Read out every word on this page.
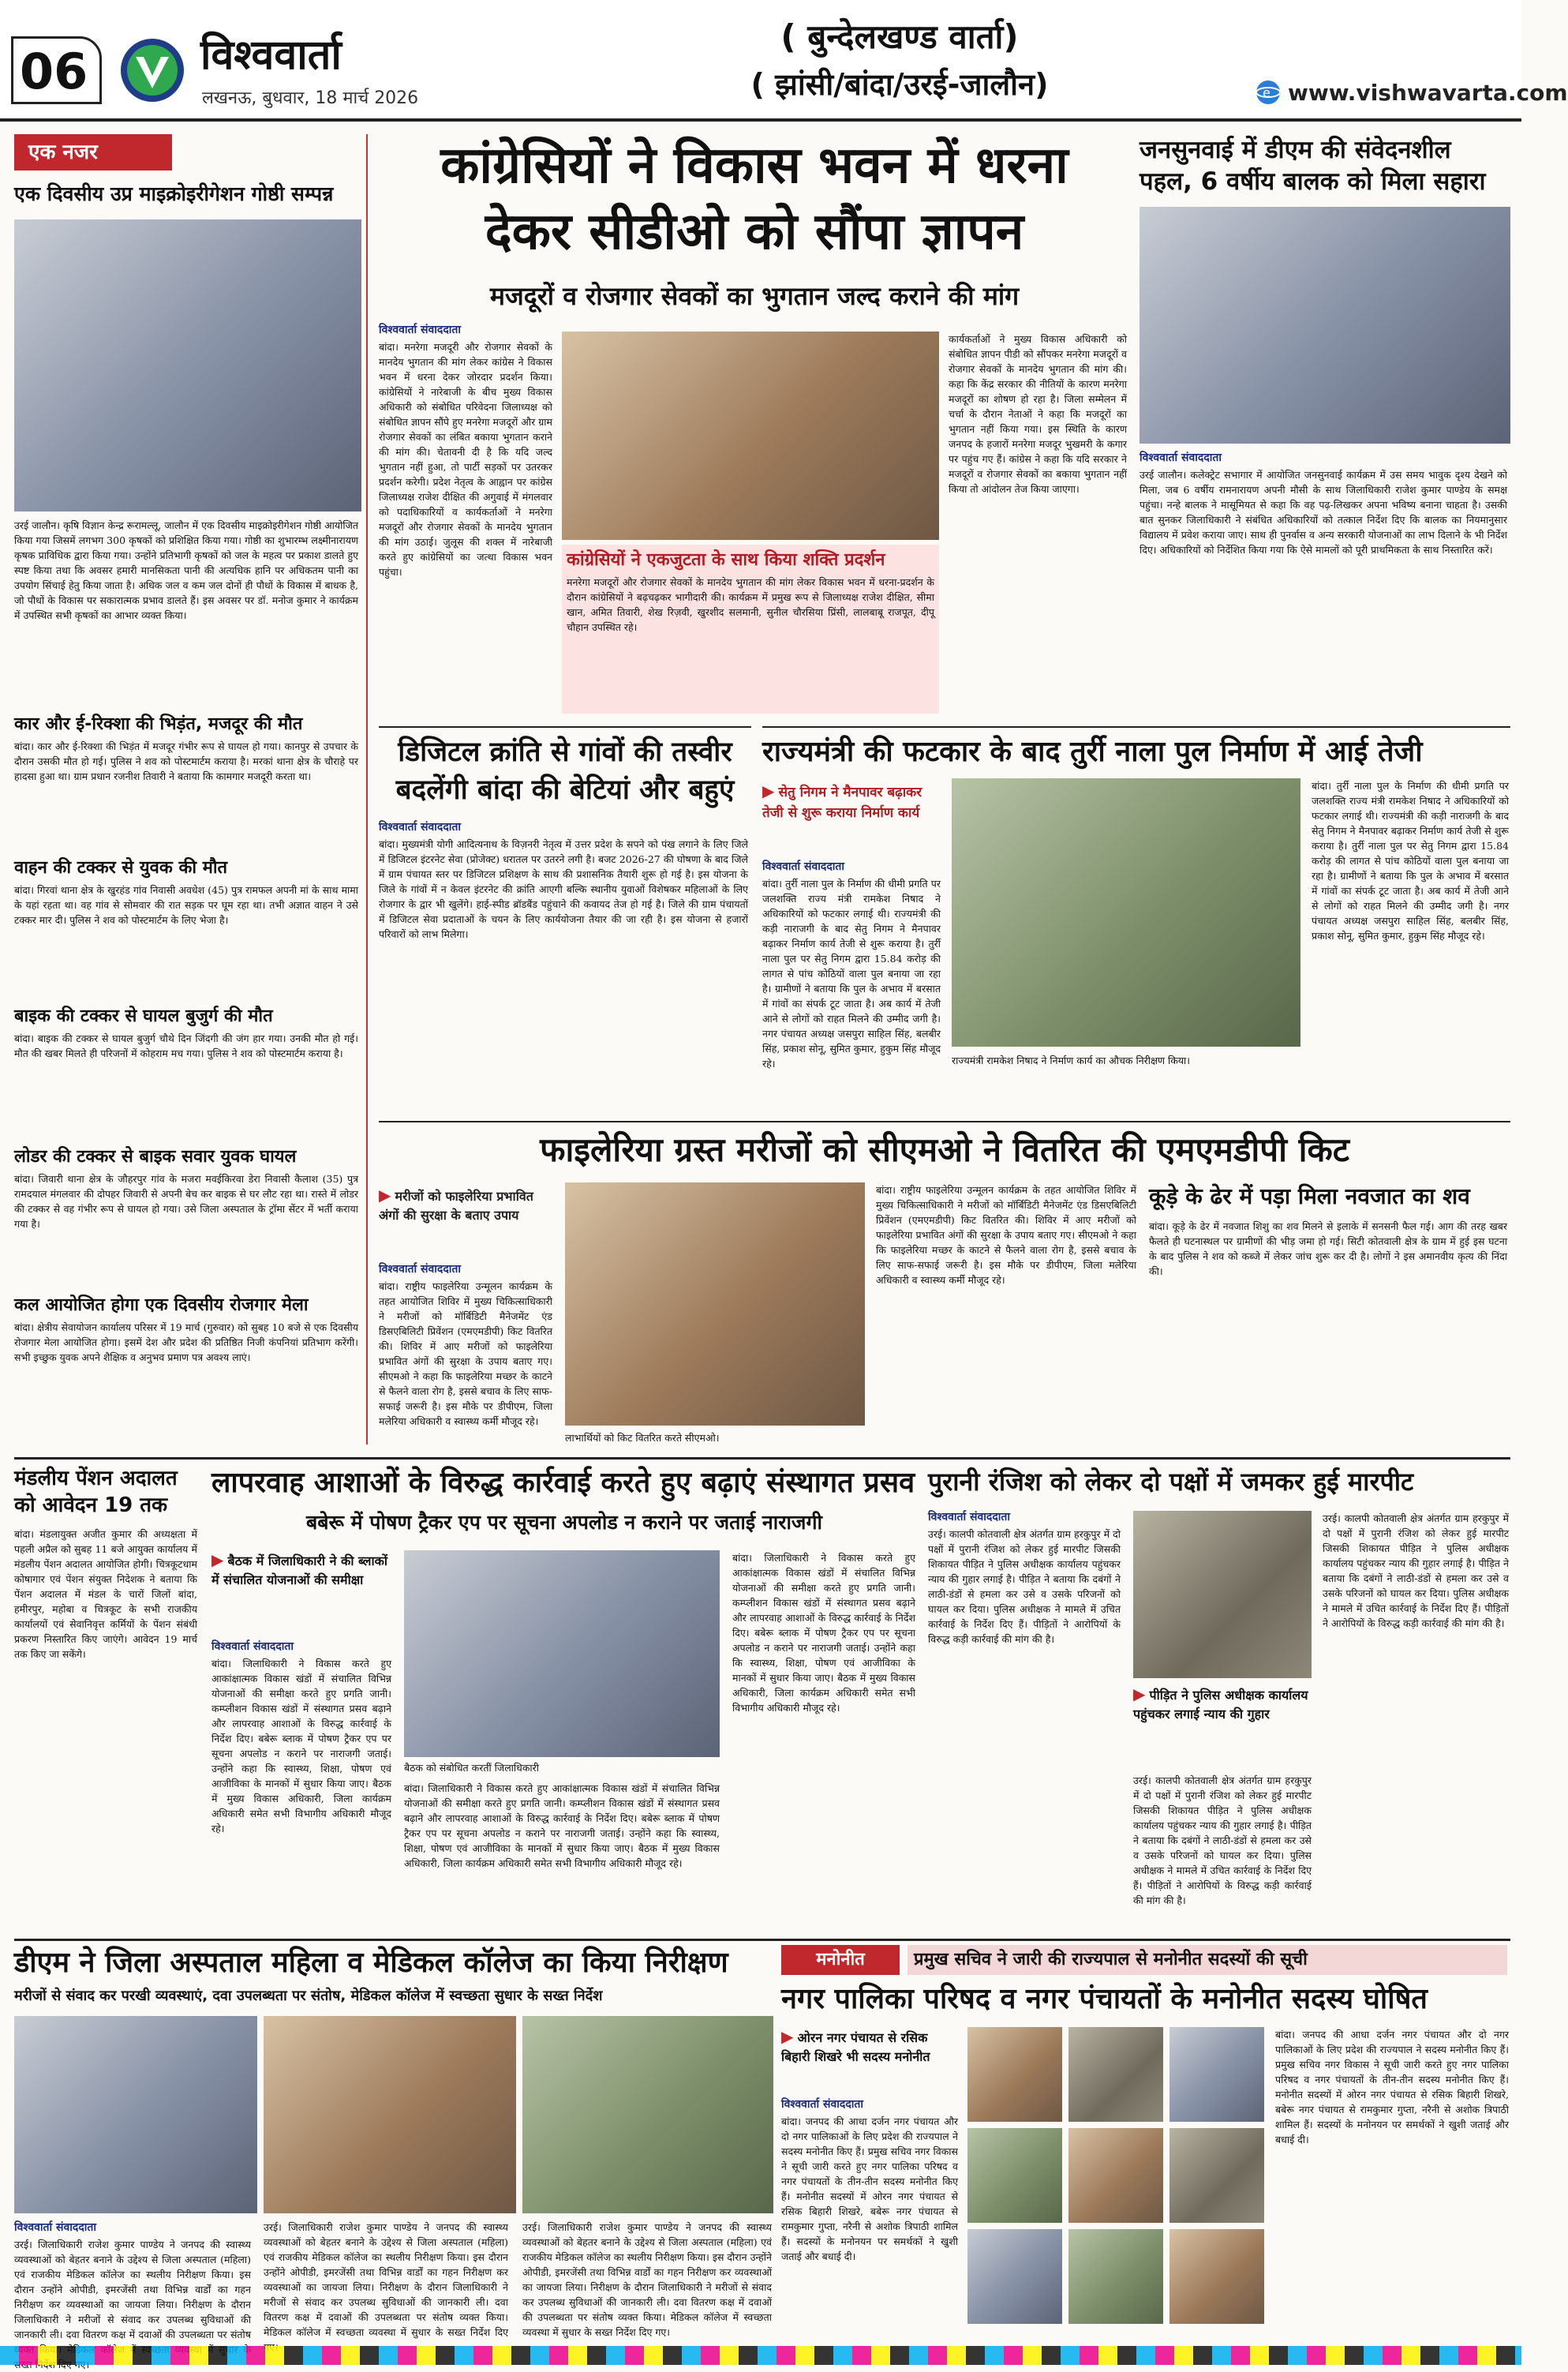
06	विश्ववार्ता
लखनऊ, बुधवार, 18 मार्च 2026
( बुन्देलखण्ड वार्ता)
( झांसी/बांदा/उरई-जालौन)	e www.vishwavarta.com
एक नजर
एक दिवसीय उप्र माइक्रोइरीगेशन गोष्ठी सम्पन्न
उरई जालौन। कृषि विज्ञान केन्द्र रूरामल्लू, जालौन में एक दिवसीय माइक्रोइरीगेशन गोष्ठी आयोजित किया गया जिसमें लगभग 300 कृषकों को प्रशिक्षित किया गया। गोष्ठी का शुभारम्भ लक्ष्मीनारायण कृषक प्राविधिक द्वारा किया गया। उन्होंने प्रतिभागी कृषकों को जल के महत्व पर प्रकाश डालते हुए स्पष्ट किया तथा कि अवसर हमारी मानसिकता पानी की अत्यधिक हानि पर अधिकतम पानी का उपयोग सिंचाई हेतु किया जाता है। अधिक जल व कम जल दोनों ही पौधों के विकास में बाधक है, जो पौधों के विकास पर सकारात्मक प्रभाव डालते हैं। इस अवसर पर डॉ. मनोज कुमार ने कार्यक्रम में उपस्थित सभी कृषकों का आभार व्यक्त किया।
कार और ई-रिक्शा की भिड़ंत, मजदूर की मौत
बांदा। कार और ई-रिक्शा की भिड़ंत में मजदूर गंभीर रूप से घायल हो गया। कानपुर से उपचार के दौरान उसकी मौत हो गई। पुलिस ने शव को पोस्टमार्टम कराया है। मरकां थाना क्षेत्र के चौराहे पर हादसा हुआ था। ग्राम प्रधान रजनीश तिवारी ने बताया कि कामगार मजदूरी करता था।
वाहन की टक्कर से युवक की मौत
बांदा। गिरवां थाना क्षेत्र के खुरहंड गांव निवासी अवधेश (45) पुत्र रामफल अपनी मां के साथ मामा के यहां रहता था। वह गांव से सोमवार की रात सड़क पर घूम रहा था। तभी अज्ञात वाहन ने उसे टक्कर मार दी। पुलिस ने शव को पोस्टमार्टम के लिए भेजा है।
बाइक की टक्कर से घायल बुजुर्ग की मौत
बांदा। बाइक की टक्कर से घायल बुजुर्ग चौथे दिन जिंदगी की जंग हार गया। उनकी मौत हो गई। मौत की खबर मिलते ही परिजनों में कोहराम मच गया। पुलिस ने शव को पोस्टमार्टम कराया है।
लोडर की टक्कर से बाइक सवार युवक घायल
बांदा। जिवारी थाना क्षेत्र के जौहरपुर गांव के मजरा मवईकिरवा डेरा निवासी कैलाश (35) पुत्र रामदयाल मंगलवार की दोपहर जिवारी से अपनी बेच कर बाइक से घर लौट रहा था। रास्ते में लोडर की टक्कर से वह गंभीर रूप से घायल हो गया। उसे जिला अस्पताल के ट्रॉमा सेंटर में भर्ती कराया गया है।
कल आयोजित होगा एक दिवसीय रोजगार मेला
बांदा। क्षेत्रीय सेवायोजन कार्यालय परिसर में 19 मार्च (गुरुवार) को सुबह 10 बजे से एक दिवसीय रोजगार मेला आयोजित होगा। इसमें देश और प्रदेश की प्रतिष्ठित निजी कंपनियां प्रतिभाग करेंगी। सभी इच्छुक युवक अपने शैक्षिक व अनुभव प्रमाण पत्र अवश्य लाएं।
कांग्रेसियों ने विकास भवन में धरना
देकर सीडीओ को सौंपा ज्ञापन
मजदूरों व रोजगार सेवकों का भुगतान जल्द कराने की मांग
विश्ववार्ता संवाददाता
बांदा। मनरेगा मजदूरी और रोजगार सेवकों के मानदेय भुगतान की मांग लेकर कांग्रेस ने विकास भवन में धरना देकर जोरदार प्रदर्शन किया। कांग्रेसियों ने नारेबाजी के बीच मुख्य विकास अधिकारी को संबोधित परिवेदना जिलाध्यक्ष को संबोधित ज्ञापन सौंपे हुए मनरेगा मजदूरों और ग्राम रोजगार सेवकों का लंबित बकाया भुगतान कराने की मांग की। चेतावनी दी है कि यदि जल्द भुगतान नहीं हुआ, तो पार्टी सड़कों पर उतरकर प्रदर्शन करेगी। प्रदेश नेतृत्व के आह्वान पर कांग्रेस जिलाध्यक्ष राजेश दीक्षित की अगुवाई में मंगलवार को पदाधिकारियों व कार्यकर्ताओं ने मनरेगा मजदूरों और रोजगार सेवकों के मानदेय भुगतान की मांग उठाई। जुलूस की शक्ल में नारेबाजी करते हुए कांग्रेसियों का जत्था विकास भवन पहुंचा।
कांग्रेसियों ने एकजुटता के साथ किया शक्ति प्रदर्शन
मनरेगा मजदूरों और रोजगार सेवकों के मानदेय भुगतान की मांग लेकर विकास भवन में धरना-प्रदर्शन के दौरान कांग्रेसियों ने बढ़चढ़कर भागीदारी की। कार्यक्रम में प्रमुख रूप से जिलाध्यक्ष राजेश दीक्षित, सीमा खान, अमित तिवारी, शेख रिज़वी, खुरशीद सलमानी, सुनील चौरसिया प्रिंसी, लालबाबू राजपूत, दीपू चौहान उपस्थित रहे।
कार्यकर्ताओं ने मुख्य विकास अधिकारी को संबोधित ज्ञापन पीडी को सौंपकर मनरेगा मजदूरों व रोजगार सेवकों के मानदेय भुगतान की मांग की। कहा कि केंद्र सरकार की नीतियों के कारण मनरेगा मजदूरों का शोषण हो रहा है। जिला सम्मेलन में चर्चा के दौरान नेताओं ने कहा कि मजदूरों का भुगतान नहीं किया गया। इस स्थिति के कारण जनपद के हजारों मनरेगा मजदूर भुखमरी के कगार पर पहुंच गए हैं। कांग्रेस ने कहा कि यदि सरकार ने मजदूरों व रोजगार सेवकों का बकाया भुगतान नहीं किया तो आंदोलन तेज किया जाएगा।
जनसुनवाई में डीएम की संवेदनशील पहल, 6 वर्षीय बालक को मिला सहारा
विश्ववार्ता संवाददाता
उरई जालौन। कलेक्ट्रेट सभागार में आयोजित जनसुनवाई कार्यक्रम में उस समय भावुक दृश्य देखने को मिला, जब 6 वर्षीय रामनारायण अपनी मौसी के साथ जिलाधिकारी राजेश कुमार पाण्डेय के समक्ष पहुंचा। नन्हे बालक ने मासूमियत से कहा कि वह पढ़-लिखकर अपना भविष्य बनाना चाहता है। उसकी बात सुनकर जिलाधिकारी ने संबंधित अधिकारियों को तत्काल निर्देश दिए कि बालक का नियमानुसार विद्यालय में प्रवेश कराया जाए। साथ ही पुनर्वास व अन्य सरकारी योजनाओं का लाभ दिलाने के भी निर्देश दिए। अधिकारियों को निर्देशित किया गया कि ऐसे मामलों को पूरी प्राथमिकता के साथ निस्तारित करें।
डिजिटल क्रांति से गांवों की तस्वीर
बदलेंगी बांदा की बेटियां और बहुएं
विश्ववार्ता संवाददाता
बांदा। मुख्यमंत्री योगी आदित्यनाथ के विज़नरी नेतृत्व में उत्तर प्रदेश के सपने को पंख लगाने के लिए जिले में डिजिटल इंटरनेट सेवा (प्रोजेक्ट) धरातल पर उतरने लगी है। बजट 2026-27 की घोषणा के बाद जिले में ग्राम पंचायत स्तर पर डिजिटल प्रशिक्षण के साथ की प्रशासनिक तैयारी शुरू हो गई है। इस योजना के जिले के गांवों में न केवल इंटरनेट की क्रांति आएगी बल्कि स्थानीय युवाओं विशेषकर महिलाओं के लिए रोजगार के द्वार भी खुलेंगे। हाई-स्पीड ब्रॉडबैंड पहुंचाने की कवायद तेज हो गई है। जिले की ग्राम पंचायतों में डिजिटल सेवा प्रदाताओं के चयन के लिए कार्ययोजना तैयार की जा रही है। इस योजना से हजारों परिवारों को लाभ मिलेगा।
राज्यमंत्री की फटकार के बाद तुर्री नाला पुल निर्माण में आई तेजी
▶ सेतु निगम ने मैनपावर बढ़ाकर तेजी से शुरू कराया निर्माण कार्य
विश्ववार्ता संवाददाता
बांदा। तुर्री नाला पुल के निर्माण की धीमी प्रगति पर जलशक्ति राज्य मंत्री रामकेश निषाद ने अधिकारियों को फटकार लगाई थी। राज्यमंत्री की कड़ी नाराजगी के बाद सेतु निगम ने मैनपावर बढ़ाकर निर्माण कार्य तेजी से शुरू कराया है। तुर्री नाला पुल पर सेतु निगम द्वारा 15.84 करोड़ की लागत से पांच कोठियों वाला पुल बनाया जा रहा है। ग्रामीणों ने बताया कि पुल के अभाव में बरसात में गांवों का संपर्क टूट जाता है। अब कार्य में तेजी आने से लोगों को राहत मिलने की उम्मीद जगी है। नगर पंचायत अध्यक्ष जसपुरा साहिल सिंह, बलबीर सिंह, प्रकाश सोनू, सुमित कुमार, हुकुम सिंह मौजूद रहे।	राज्यमंत्री रामकेश निषाद ने निर्माण कार्य का औचक निरीक्षण किया।
बांदा। तुर्री नाला पुल के निर्माण की धीमी प्रगति पर जलशक्ति राज्य मंत्री रामकेश निषाद ने अधिकारियों को फटकार लगाई थी। राज्यमंत्री की कड़ी नाराजगी के बाद सेतु निगम ने मैनपावर बढ़ाकर निर्माण कार्य तेजी से शुरू कराया है। तुर्री नाला पुल पर सेतु निगम द्वारा 15.84 करोड़ की लागत से पांच कोठियों वाला पुल बनाया जा रहा है। ग्रामीणों ने बताया कि पुल के अभाव में बरसात में गांवों का संपर्क टूट जाता है। अब कार्य में तेजी आने से लोगों को राहत मिलने की उम्मीद जगी है। नगर पंचायत अध्यक्ष जसपुरा साहिल सिंह, बलबीर सिंह, प्रकाश सोनू, सुमित कुमार, हुकुम सिंह मौजूद रहे।
फाइलेरिया ग्रस्त मरीजों को सीएमओ ने वितरित की एमएमडीपी किट
▶ मरीजों को फाइलेरिया प्रभावित अंगों की सुरक्षा के बताए उपाय
विश्ववार्ता संवाददाता
बांदा। राष्ट्रीय फाइलेरिया उन्मूलन कार्यक्रम के तहत आयोजित शिविर में मुख्य चिकित्साधिकारी ने मरीजों को मॉर्बिडिटी मैनेजमेंट एंड डिसएबिलिटी प्रिवेंशन (एमएमडीपी) किट वितरित की। शिविर में आए मरीजों को फाइलेरिया प्रभावित अंगों की सुरक्षा के उपाय बताए गए। सीएमओ ने कहा कि फाइलेरिया मच्छर के काटने से फैलने वाला रोग है, इससे बचाव के लिए साफ-सफाई जरूरी है। इस मौके पर डीपीएम, जिला मलेरिया अधिकारी व स्वास्थ्य कर्मी मौजूद रहे।
लाभार्थियों को किट वितरित करते सीएमओ।
बांदा। राष्ट्रीय फाइलेरिया उन्मूलन कार्यक्रम के तहत आयोजित शिविर में मुख्य चिकित्साधिकारी ने मरीजों को मॉर्बिडिटी मैनेजमेंट एंड डिसएबिलिटी प्रिवेंशन (एमएमडीपी) किट वितरित की। शिविर में आए मरीजों को फाइलेरिया प्रभावित अंगों की सुरक्षा के उपाय बताए गए। सीएमओ ने कहा कि फाइलेरिया मच्छर के काटने से फैलने वाला रोग है, इससे बचाव के लिए साफ-सफाई जरूरी है। इस मौके पर डीपीएम, जिला मलेरिया अधिकारी व स्वास्थ्य कर्मी मौजूद रहे।
कूड़े के ढेर में पड़ा मिला नवजात का शव
बांदा। कूड़े के ढेर में नवजात शिशु का शव मिलने से इलाके में सनसनी फैल गई। आग की तरह खबर फैलते ही घटनास्थल पर ग्रामीणों की भीड़ जमा हो गई। सिटी कोतवाली क्षेत्र के ग्राम में हुई इस घटना के बाद पुलिस ने शव को कब्जे में लेकर जांच शुरू कर दी है। लोगों ने इस अमानवीय कृत्य की निंदा की।
मंडलीय पेंशन अदालत को आवेदन 19 तक
बांदा। मंडलायुक्त अजीत कुमार की अध्यक्षता में पहली अप्रैल को सुबह 11 बजे आयुक्त कार्यालय में मंडलीय पेंशन अदालत आयोजित होगी। चित्रकूटधाम कोषागार एवं पेंशन संयुक्त निदेशक ने बताया कि पेंशन अदालत में मंडल के चारों जिलों बांदा, हमीरपुर, महोबा व चित्रकूट के सभी राजकीय कार्यालयों एवं सेवानिवृत्त कर्मियों के पेंशन संबंधी प्रकरण निस्तारित किए जाएंगे। आवेदन 19 मार्च तक किए जा सकेंगे।
लापरवाह आशाओं के विरुद्ध कार्रवाई करते हुए बढ़ाएं संस्थागत प्रसव
बबेरू में पोषण ट्रैकर एप पर सूचना अपलोड न कराने पर जताई नाराजगी
▶ बैठक में जिलाधिकारी ने की ब्लाकों में संचालित योजनाओं की समीक्षा
विश्ववार्ता संवाददाता
बांदा। जिलाधिकारी ने विकास करते हुए आकांक्षात्मक विकास खंडों में संचालित विभिन्न योजनाओं की समीक्षा करते हुए प्रगति जानी। कम्प्लीशन विकास खंडों में संस्थागत प्रसव बढ़ाने और लापरवाह आशाओं के विरुद्ध कार्रवाई के निर्देश दिए। बबेरू ब्लाक में पोषण ट्रैकर एप पर सूचना अपलोड न कराने पर नाराजगी जताई। उन्होंने कहा कि स्वास्थ्य, शिक्षा, पोषण एवं आजीविका के मानकों में सुधार किया जाए। बैठक में मुख्य विकास अधिकारी, जिला कार्यक्रम अधिकारी समेत सभी विभागीय अधिकारी मौजूद रहे।
बैठक को संबोधित करतीं जिलाधिकारी
बांदा। जिलाधिकारी ने विकास करते हुए आकांक्षात्मक विकास खंडों में संचालित विभिन्न योजनाओं की समीक्षा करते हुए प्रगति जानी। कम्प्लीशन विकास खंडों में संस्थागत प्रसव बढ़ाने और लापरवाह आशाओं के विरुद्ध कार्रवाई के निर्देश दिए। बबेरू ब्लाक में पोषण ट्रैकर एप पर सूचना अपलोड न कराने पर नाराजगी जताई। उन्होंने कहा कि स्वास्थ्य, शिक्षा, पोषण एवं आजीविका के मानकों में सुधार किया जाए। बैठक में मुख्य विकास अधिकारी, जिला कार्यक्रम अधिकारी समेत सभी विभागीय अधिकारी मौजूद रहे।
बांदा। जिलाधिकारी ने विकास करते हुए आकांक्षात्मक विकास खंडों में संचालित विभिन्न योजनाओं की समीक्षा करते हुए प्रगति जानी। कम्प्लीशन विकास खंडों में संस्थागत प्रसव बढ़ाने और लापरवाह आशाओं के विरुद्ध कार्रवाई के निर्देश दिए। बबेरू ब्लाक में पोषण ट्रैकर एप पर सूचना अपलोड न कराने पर नाराजगी जताई। उन्होंने कहा कि स्वास्थ्य, शिक्षा, पोषण एवं आजीविका के मानकों में सुधार किया जाए। बैठक में मुख्य विकास अधिकारी, जिला कार्यक्रम अधिकारी समेत सभी विभागीय अधिकारी मौजूद रहे।
पुरानी रंजिश को लेकर दो पक्षों में जमकर हुई मारपीट
विश्ववार्ता संवाददाता
उरई। कालपी कोतवाली क्षेत्र अंतर्गत ग्राम हरकुपुर में दो पक्षों में पुरानी रंजिश को लेकर हुई मारपीट जिसकी शिकायत पीड़ित ने पुलिस अधीक्षक कार्यालय पहुंचकर न्याय की गुहार लगाई है। पीड़ित ने बताया कि दबंगों ने लाठी-डंडों से हमला कर उसे व उसके परिजनों को घायल कर दिया। पुलिस अधीक्षक ने मामले में उचित कार्रवाई के निर्देश दिए हैं। पीड़ितों ने आरोपियों के विरुद्ध कड़ी कार्रवाई की मांग की है।
▶ पीड़ित ने पुलिस अधीक्षक कार्यालय पहुंचकर लगाई न्याय की गुहार
उरई। कालपी कोतवाली क्षेत्र अंतर्गत ग्राम हरकुपुर में दो पक्षों में पुरानी रंजिश को लेकर हुई मारपीट जिसकी शिकायत पीड़ित ने पुलिस अधीक्षक कार्यालय पहुंचकर न्याय की गुहार लगाई है। पीड़ित ने बताया कि दबंगों ने लाठी-डंडों से हमला कर उसे व उसके परिजनों को घायल कर दिया। पुलिस अधीक्षक ने मामले में उचित कार्रवाई के निर्देश दिए हैं। पीड़ितों ने आरोपियों के विरुद्ध कड़ी कार्रवाई की मांग की है।
उरई। कालपी कोतवाली क्षेत्र अंतर्गत ग्राम हरकुपुर में दो पक्षों में पुरानी रंजिश को लेकर हुई मारपीट जिसकी शिकायत पीड़ित ने पुलिस अधीक्षक कार्यालय पहुंचकर न्याय की गुहार लगाई है। पीड़ित ने बताया कि दबंगों ने लाठी-डंडों से हमला कर उसे व उसके परिजनों को घायल कर दिया। पुलिस अधीक्षक ने मामले में उचित कार्रवाई के निर्देश दिए हैं। पीड़ितों ने आरोपियों के विरुद्ध कड़ी कार्रवाई की मांग की है।
डीएम ने जिला अस्पताल महिला व मेडिकल कॉलेज का किया निरीक्षण
मरीजों से संवाद कर परखी व्यवस्थाएं, दवा उपलब्धता पर संतोष, मेडिकल कॉलेज में स्वच्छता सुधार के सख्त निर्देश
विश्ववार्ता संवाददाता
उरई। जिलाधिकारी राजेश कुमार पाण्डेय ने जनपद की स्वास्थ्य व्यवस्थाओं को बेहतर बनाने के उद्देश्य से जिला अस्पताल (महिला) एवं राजकीय मेडिकल कॉलेज का स्थलीय निरीक्षण किया। इस दौरान उन्होंने ओपीडी, इमरजेंसी तथा विभिन्न वार्डों का गहन निरीक्षण कर व्यवस्थाओं का जायजा लिया। निरीक्षण के दौरान जिलाधिकारी ने मरीजों से संवाद कर उपलब्ध सुविधाओं की जानकारी ली। दवा वितरण कक्ष में दवाओं की उपलब्धता पर संतोष
उरई। जिलाधिकारी राजेश कुमार पाण्डेय ने जनपद की स्वास्थ्य व्यवस्थाओं को बेहतर बनाने के उद्देश्य से जिला अस्पताल (महिला) एवं राजकीय मेडिकल कॉलेज का स्थलीय निरीक्षण किया। इस दौरान उन्होंने ओपीडी, इमरजेंसी तथा विभिन्न वार्डों का गहन निरीक्षण कर व्यवस्थाओं का जायजा लिया। निरीक्षण के दौरान जिलाधिकारी ने मरीजों से संवाद कर उपलब्ध सुविधाओं की जानकारी ली। दवा वितरण कक्ष में दवाओं की उपलब्धता पर संतोष व्यक्त किया। मेडिकल कॉलेज में स्वच्छता व्यवस्था में सुधार के सख्त निर्देश दिए
उरई। जिलाधिकारी राजेश कुमार पाण्डेय ने जनपद की स्वास्थ्य व्यवस्थाओं को बेहतर बनाने के उद्देश्य से जिला अस्पताल (महिला) एवं राजकीय मेडिकल कॉलेज का स्थलीय निरीक्षण किया। इस दौरान उन्होंने ओपीडी, इमरजेंसी तथा विभिन्न वार्डों का गहन निरीक्षण कर व्यवस्थाओं का जायजा लिया। निरीक्षण के दौरान जिलाधिकारी ने मरीजों से संवाद कर उपलब्ध सुविधाओं की जानकारी ली। दवा वितरण कक्ष में दवाओं की उपलब्धता पर संतोष व्यक्त किया। मेडिकल कॉलेज में स्वच्छता व्यवस्था में सुधार के सख्त निर्देश दिए गए।
मनोनीत	प्रमुख सचिव ने जारी की राज्यपाल से मनोनीत सदस्यों की सूची
नगर पालिका परिषद व नगर पंचायतों के मनोनीत सदस्य घोषित
▶ ओरन नगर पंचायत से रसिक बिहारी शिखरे भी सदस्य मनोनीत
विश्ववार्ता संवाददाता
बांदा। जनपद की आधा दर्जन नगर पंचायत और दो नगर पालिकाओं के लिए प्रदेश की राज्यपाल ने सदस्य मनोनीत किए हैं। प्रमुख सचिव नगर विकास ने सूची जारी करते हुए नगर पालिका परिषद व नगर पंचायतों के तीन-तीन सदस्य मनोनीत किए हैं। मनोनीत सदस्यों में ओरन नगर पंचायत से रसिक बिहारी शिखरे, बबेरू नगर पंचायत से रामकुमार गुप्ता, नरैनी से अशोक त्रिपाठी शामिल हैं। सदस्यों के मनोनयन पर समर्थकों ने खुशी जताई और बधाई दी।
बांदा। जनपद की आधा दर्जन नगर पंचायत और दो नगर पालिकाओं के लिए प्रदेश की राज्यपाल ने सदस्य मनोनीत किए हैं। प्रमुख सचिव नगर विकास ने सूची जारी करते हुए नगर पालिका परिषद व नगर पंचायतों के तीन-तीन सदस्य मनोनीत किए हैं। मनोनीत सदस्यों में ओरन नगर पंचायत से रसिक बिहारी शिखरे, बबेरू नगर पंचायत से रामकुमार गुप्ता, नरैनी से अशोक त्रिपाठी शामिल हैं। सदस्यों के मनोनयन पर समर्थकों ने खुशी जताई और बधाई दी।
